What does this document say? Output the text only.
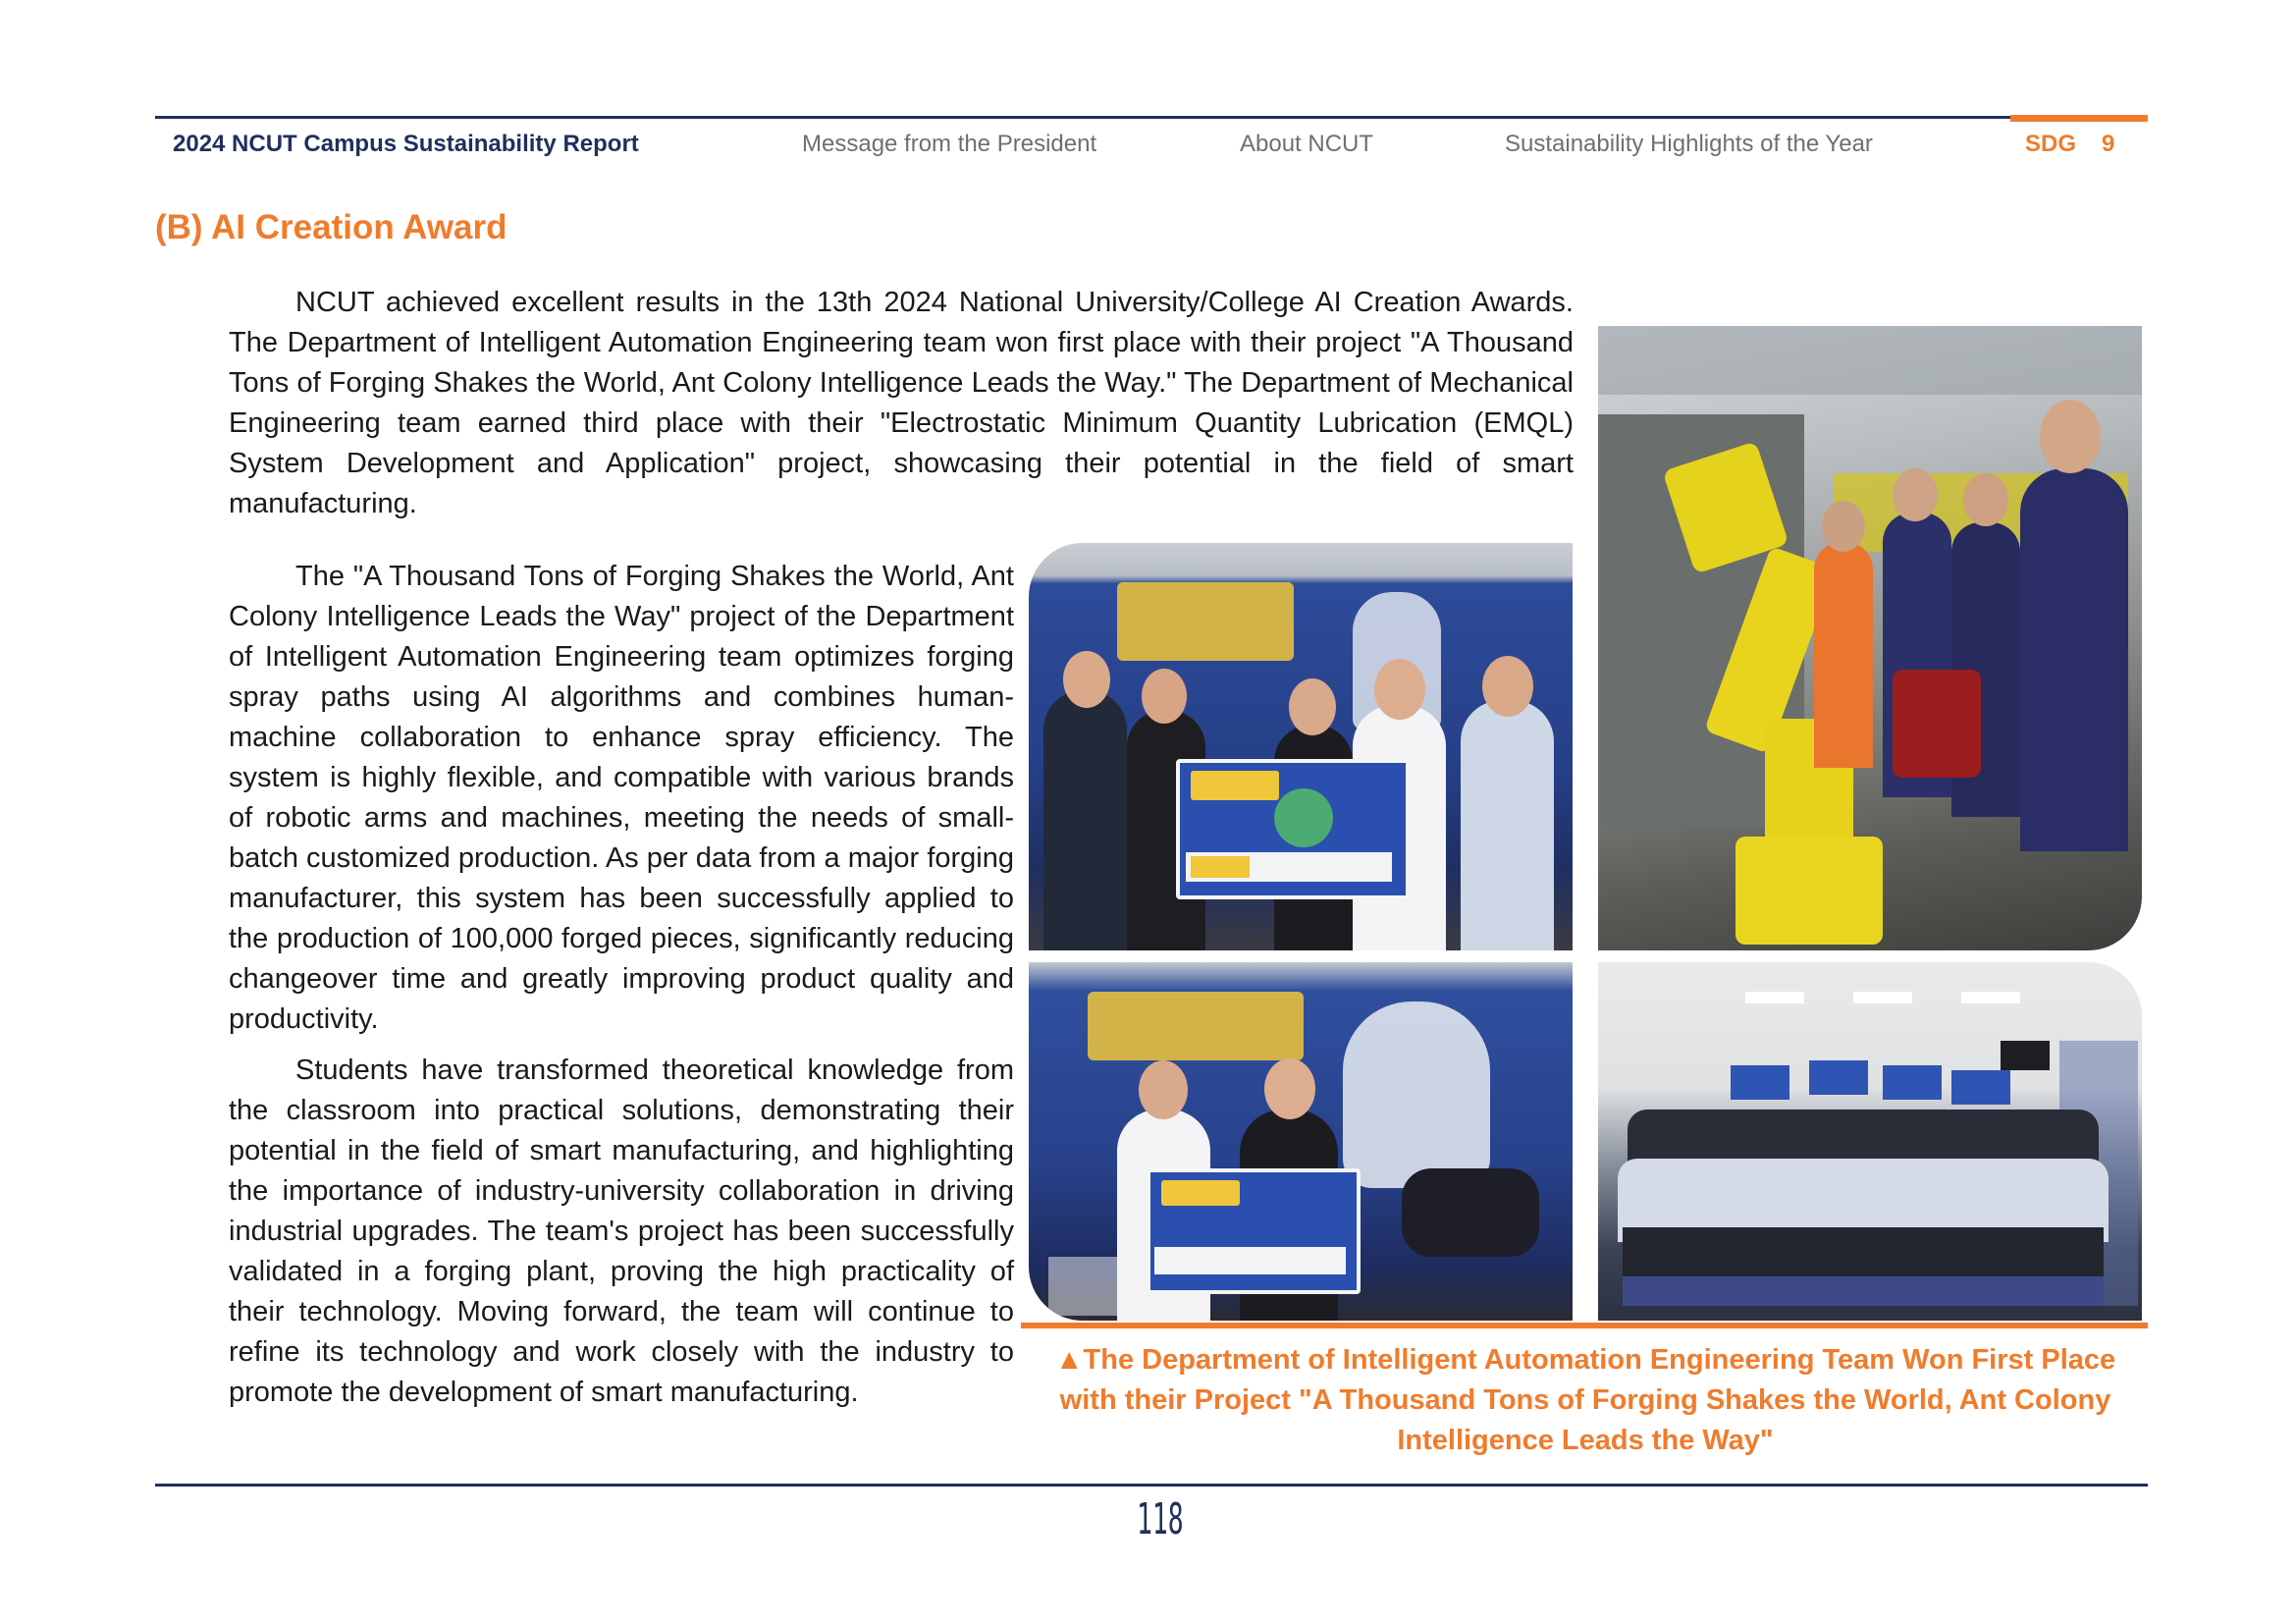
2024 NCUT Campus Sustainability Report	Message from the President	About NCUT	Sustainability Highlights of the Year	SDG 9
(B) AI Creation Award

NCUT achieved excellent results in the 13th 2024 National University/College AI Creation Awards. The Department of Intelligent Automation Engineering team won first place with their project "A Thousand Tons of Forging Shakes the World, Ant Colony Intelligence Leads the Way." The Department of Mechanical Engineering team earned third place with their "Electrostatic Minimum Quantity Lubrication (EMQL) System Development and Application" project, showcasing their potential in the field of smart manufacturing.

The "A Thousand Tons of Forging Shakes the World, Ant Colony Intelligence Leads the Way" project of the Department of Intelligent Automation Engineering team optimizes forging spray paths using AI algorithms and combines human-machine collaboration to enhance spray efficiency. The system is highly flexible, and compatible with various brands of robotic arms and machines, meeting the needs of small-batch customized production. As per data from a major forging manufacturer, this system has been successfully applied to the production of 100,000 forged pieces, significantly reducing changeover time and greatly improving product quality and productivity.

Students have transformed theoretical knowledge from the classroom into practical solutions, demonstrating their potential in the field of smart manufacturing, and highlighting the importance of industry-university collaboration in driving industrial upgrades. The team's project has been successfully validated in a forging plant, proving the high practicality of their technology. Moving forward, the team will continue to refine its technology and work closely with the industry to promote the development of smart manufacturing.

▲The Department of Intelligent Automation Engineering Team Won First Place with their Project "A Thousand Tons of Forging Shakes the World, Ant Colony Intelligence Leads the Way"

118
